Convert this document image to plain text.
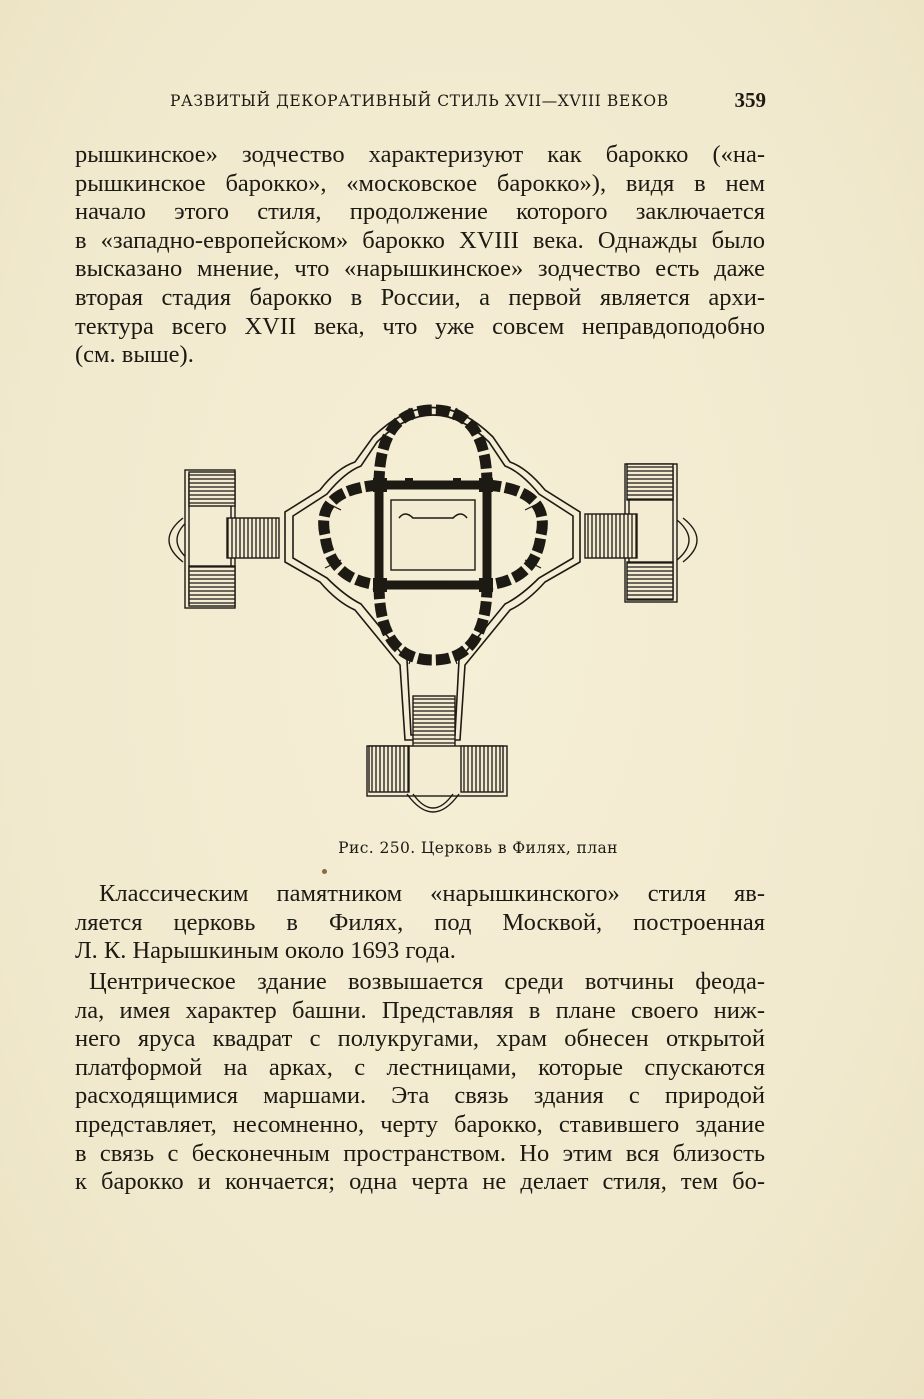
РАЗВИТЫЙ ДЕКОРАТИВНЫЙ СТИЛЬ XVII—XVIII ВЕКОВ	359
рышкинское» зодчество характеризуют как барокко («на-
рышкинское барокко», «московское барокко»), видя в нем
начало этого стиля, продолжение которого заключается
в «западно-европейском» барокко XVIII века. Однажды было
высказано мнение, что «нарышкинское» зодчество есть даже
вторая стадия барокко в России, а первой является архи-
тектура всего XVII века, что уже совсем неправдоподобно
(см. выше).
Рис. 250. Церковь в Филях, план
Классическим памятником «нарышкинского» стиля яв-
ляется церковь в Филях, под Москвой, построенная
Л. К. Нарышкиным около 1693 года.
Центрическое здание возвышается среди вотчины феода-
ла, имея характер башни. Представляя в плане своего ниж-
него яруса квадрат с полукругами, храм обнесен открытой
платформой на арках, с лестницами, которые спускаются
расходящимися маршами. Эта связь здания с природой
представляет, несомненно, черту барокко, ставившего здание
в связь с бесконечным пространством. Но этим вся близость
к барокко и кончается; одна черта не делает стиля, тем бо-
